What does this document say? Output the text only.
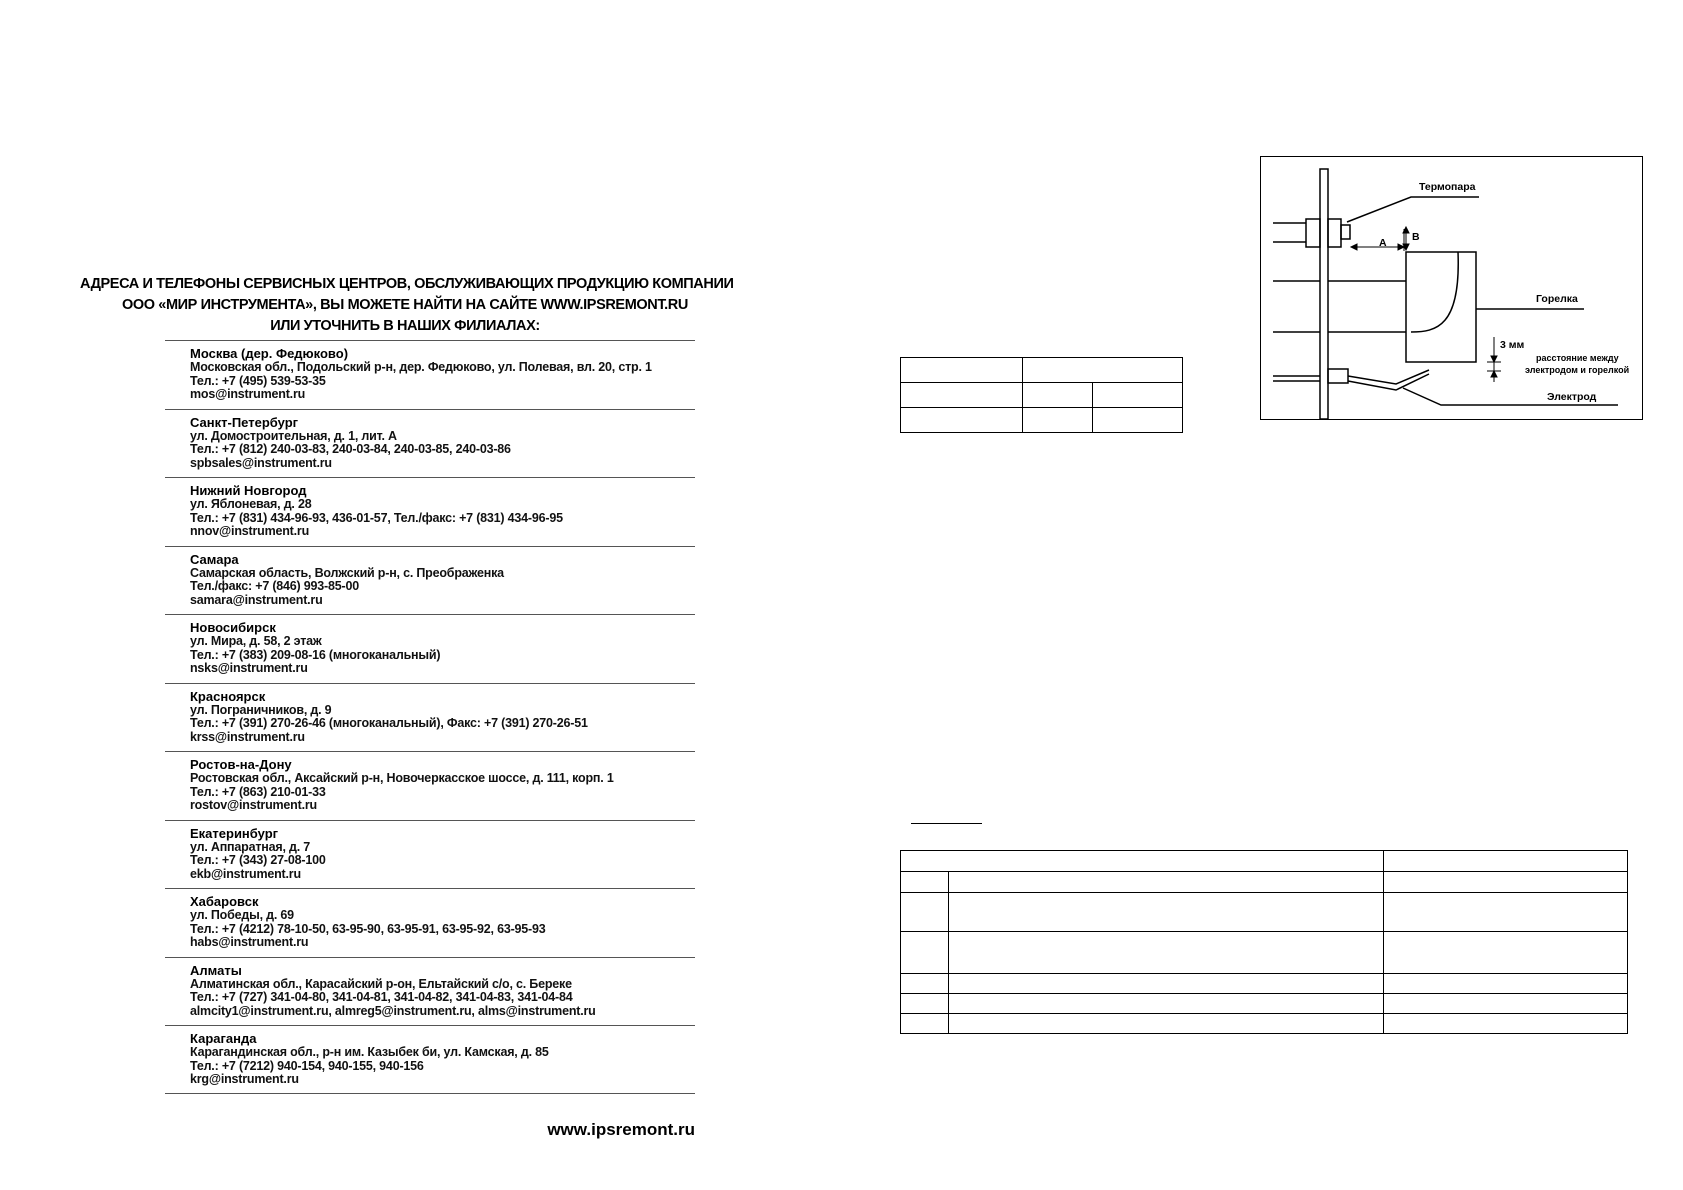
АДРЕСА И ТЕЛЕФОНЫ СЕРВИСНЫХ ЦЕНТРОВ, ОБСЛУЖИВАЮЩИХ ПРОДУКЦИЮ КОМПАНИИ
ООО «МИР ИНСТРУМЕНТА», ВЫ МОЖЕТЕ НАЙТИ НА САЙТЕ WWW.IPSREMONT.RU
ИЛИ УТОЧНИТЬ В НАШИХ ФИЛИАЛАХ:
Москва (дер. Федюково)
Московская обл., Подольский р-н, дер. Федюково, ул. Полевая, вл. 20, стр. 1
Тел.: +7 (495) 539-53-35
mos@instrument.ru
Санкт-Петербург
ул. Домостроительная, д. 1, лит. А
Тел.: +7 (812) 240-03-83, 240-03-84, 240-03-85, 240-03-86
spbsales@instrument.ru
Нижний Новгород
ул. Яблоневая, д. 28
Тел.: +7 (831) 434-96-93, 436-01-57, Тел./факс: +7 (831) 434-96-95
nnov@instrument.ru
Самара
Самарская область, Волжский р-н, с. Преображенка
Тел./факс: +7 (846) 993-85-00
samara@instrument.ru
Новосибирск
ул. Мира, д. 58, 2 этаж
Тел.: +7 (383) 209-08-16 (многоканальный)
nsks@instrument.ru
Красноярск
ул. Пограничников, д. 9
Тел.: +7 (391) 270-26-46 (многоканальный), Факс: +7 (391) 270-26-51
krss@instrument.ru
Ростов-на-Дону
Ростовская обл., Аксайский р-н, Новочеркасское шоссе, д. 111, корп. 1
Тел.: +7 (863) 210-01-33
rostov@instrument.ru
Екатеринбург
ул. Аппаратная, д. 7
Тел.: +7 (343) 27-08-100
ekb@instrument.ru
Хабаровск
ул. Победы, д. 69
Тел.: +7 (4212) 78-10-50, 63-95-90, 63-95-91, 63-95-92, 63-95-93
habs@instrument.ru
Алматы
Алматинская обл., Карасайский р-он, Ельтайский с/о, с. Береке
Тел.: +7 (727) 341-04-80, 341-04-81, 341-04-82, 341-04-83, 341-04-84
almcity1@instrument.ru, almreg5@instrument.ru, alms@instrument.ru
Караганда
Карагандинская обл., р-н им. Казыбек би, ул. Камская, д. 85
Тел.: +7 (7212) 940-154, 940-155, 940-156
krg@instrument.ru
www.ipsremont.ru

Термопара
А В
Горелка
3 мм
расстояние между
электродом и горелкой
Электрод
